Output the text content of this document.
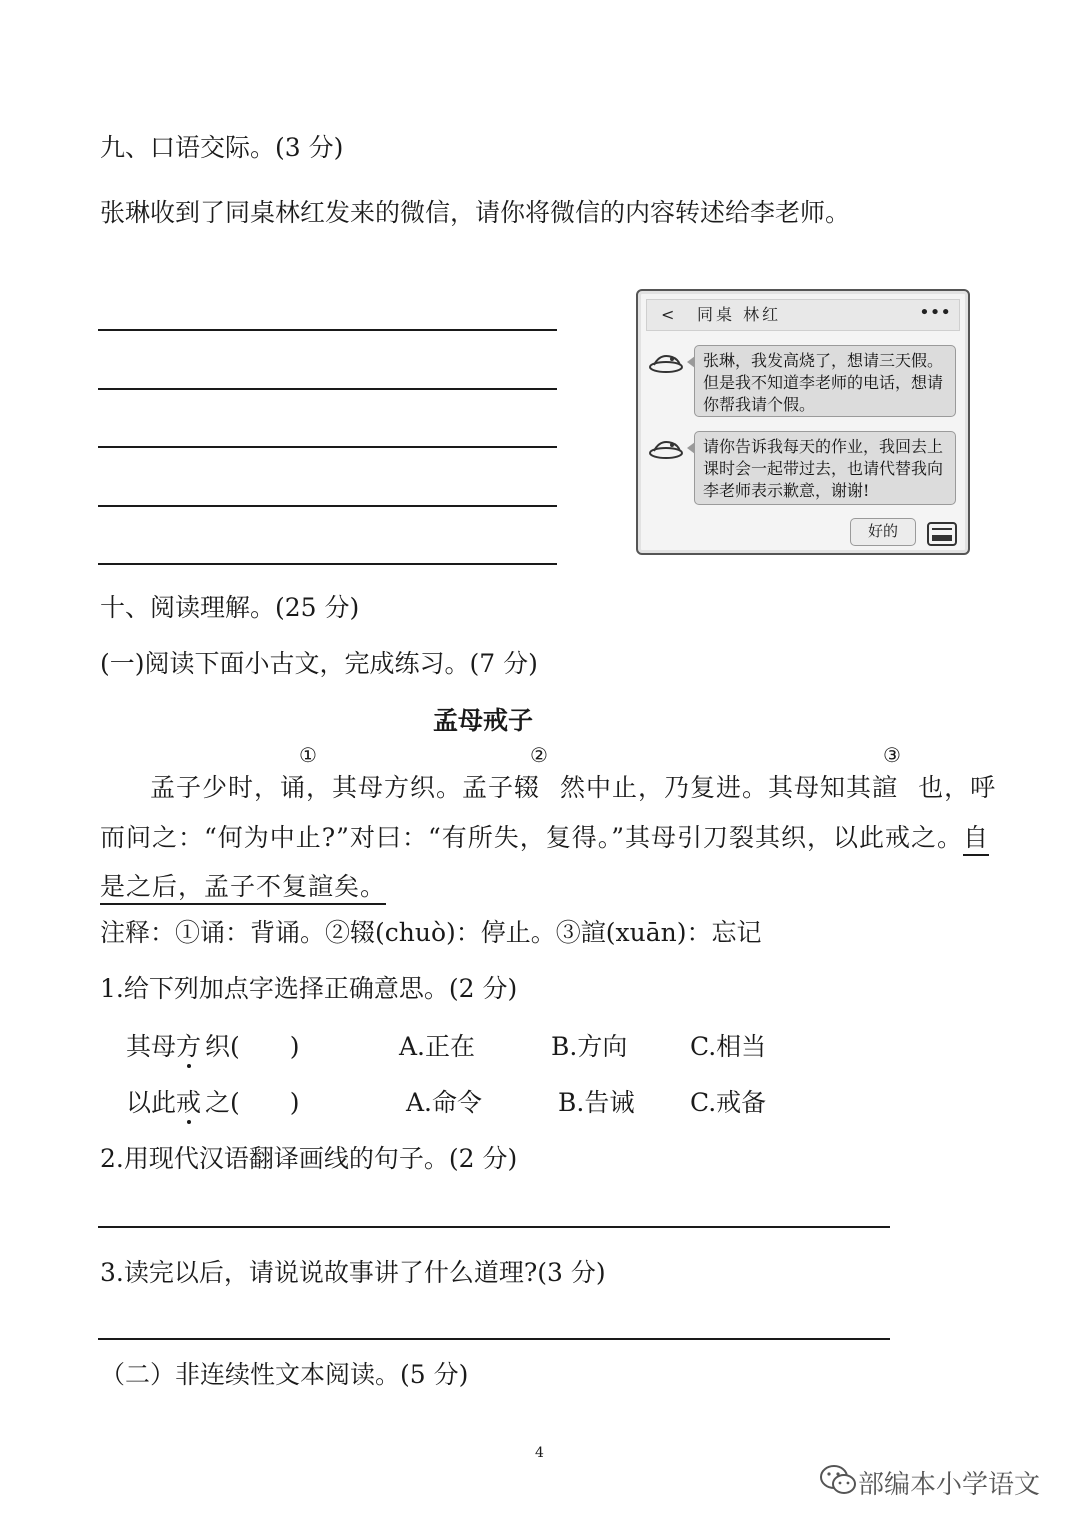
九、口语交际。(3 分)
张琳收到了同桌林红发来的微信，请你将微信的内容转述给李老师。
< 同桌 林红	•••
张琳，我发高烧了，想请三天假。但是我不知道李老师的电话，想请你帮我请个假。
请你告诉我每天的作业，我回去上课时会一起带过去，也请代替我向李老师表示歉意，谢谢!
好的
十、阅读理解。(25 分)
(一)阅读下面小古文，完成练习。(7 分)
孟母戒子
①	②	③
孟子少时，诵，其母方织。孟子辍 然中止，乃复进。其母知其諠 也，呼
而问之：“何为中止?”对曰：“有所失，复得。”其母引刀裂其织，以此戒之。自
是之后，孟子不复諠矣。
注释：①诵：背诵。②辍(chuò)：停止。③諠(xuān)：忘记
1.给下列加点字选择正确意思。(2 分)
其母方 织(　　)	A.正在	B.方向	C.相当
以此戒 之(　　)	A.命令	B.告诫 C.戒备
2.用现代汉语翻译画线的句子。(2 分)
3.读完以后，请说说故事讲了什么道理?(3 分)
（二）非连续性文本阅读。(5 分)
4
部编本小学语文
